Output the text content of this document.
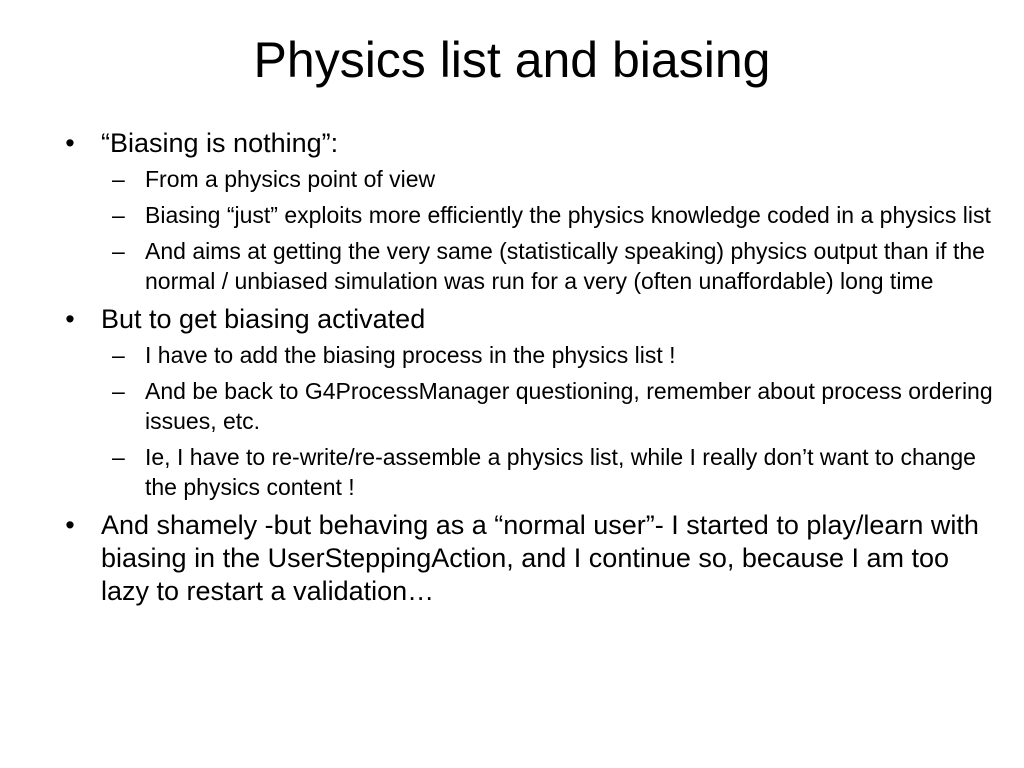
Physics list and biasing
• “Biasing is nothing”:
– From a physics point of view
– Biasing “just” exploits more efficiently the physics knowledge coded in a physics list
– And aims at getting the very same (statistically speaking) physics output than if the normal / unbiased simulation was run for a very (often unaffordable) long time
• But to get biasing activated
– I have to add the biasing process in the physics list !
– And be back to G4ProcessManager questioning, remember about process ordering issues, etc.
– Ie, I have to re-write/re-assemble a physics list, while I really don’t want to change the physics content !
• And shamely -but behaving as a “normal user”- I started to play/learn with biasing in the UserSteppingAction, and I continue so, because I am too lazy to restart a validation…
